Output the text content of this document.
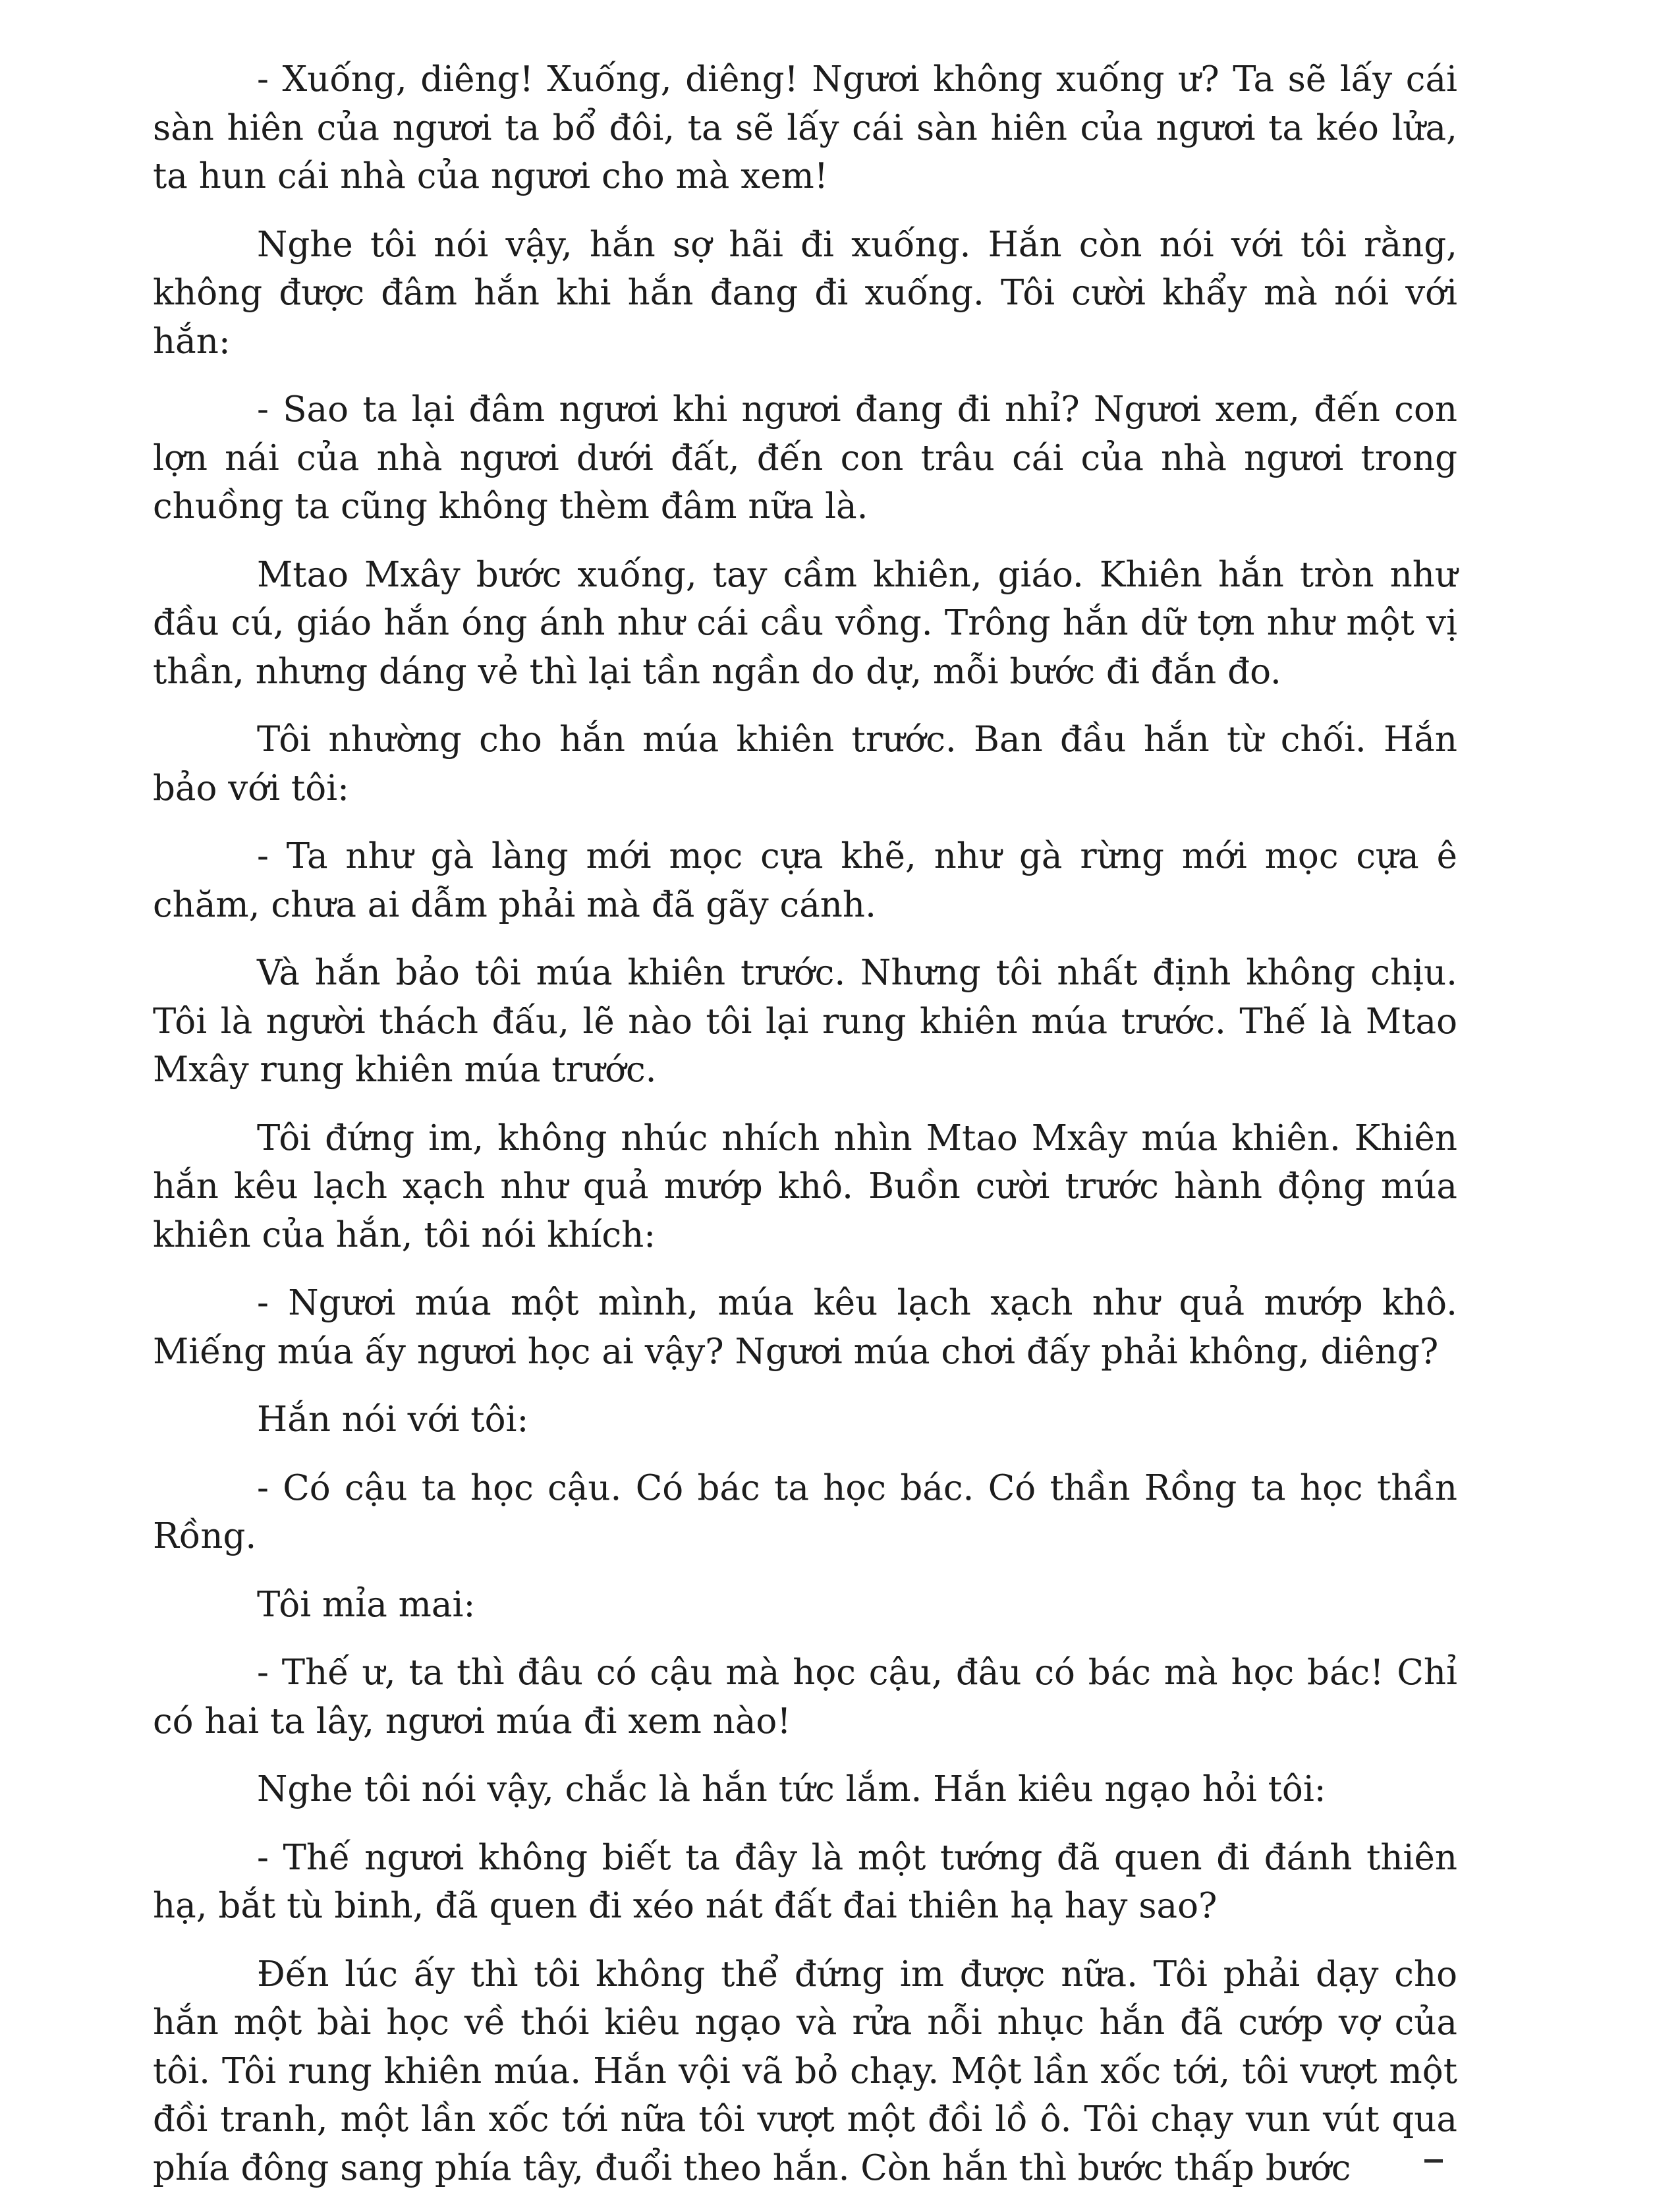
- Xuống, diêng! Xuống, diêng! Ngươi không xuống ư? Ta sẽ lấy cái sàn hiên của ngươi ta bổ đôi, ta sẽ lấy cái sàn hiên của ngươi ta kéo lửa, ta hun cái nhà của ngươi cho mà xem!

Nghe tôi nói vậy, hắn sợ hãi đi xuống. Hắn còn nói với tôi rằng, không được đâm hắn khi hắn đang đi xuống. Tôi cười khẩy mà nói với hắn:

- Sao ta lại đâm ngươi khi ngươi đang đi nhỉ? Ngươi xem, đến con lợn nái của nhà ngươi dưới đất, đến con trâu cái của nhà ngươi trong chuồng ta cũng không thèm đâm nữa là.

Mtao Mxây bước xuống, tay cầm khiên, giáo. Khiên hắn tròn như đầu cú, giáo hắn óng ánh như cái cầu vồng. Trông hắn dữ tợn như một vị thần, nhưng dáng vẻ thì lại tần ngần do dự, mỗi bước đi đắn đo.

Tôi nhường cho hắn múa khiên trước. Ban đầu hắn từ chối. Hắn bảo với tôi:

- Ta như gà làng mới mọc cựa khẽ, như gà rừng mới mọc cựa ê chăm, chưa ai dẫm phải mà đã gãy cánh.

Và hắn bảo tôi múa khiên trước. Nhưng tôi nhất định không chịu. Tôi là người thách đấu, lẽ nào tôi lại rung khiên múa trước. Thế là Mtao Mxây rung khiên múa trước.

Tôi đứng im, không nhúc nhích nhìn Mtao Mxây múa khiên. Khiên hắn kêu lạch xạch như quả mướp khô. Buồn cười trước hành động múa khiên của hắn, tôi nói khích:

- Ngươi múa một mình, múa kêu lạch xạch như quả mướp khô. Miếng múa ấy ngươi học ai vậy? Ngươi múa chơi đấy phải không, diêng?

Hắn nói với tôi:

- Có cậu ta học cậu. Có bác ta học bác. Có thần Rồng ta học thần Rồng.

Tôi mỉa mai:

- Thế ư, ta thì đâu có cậu mà học cậu, đâu có bác mà học bác! Chỉ có hai ta lây, ngươi múa đi xem nào!

Nghe tôi nói vậy, chắc là hắn tức lắm. Hắn kiêu ngạo hỏi tôi:

- Thế ngươi không biết ta đây là một tướng đã quen đi đánh thiên hạ, bắt tù binh, đã quen đi xéo nát đất đai thiên hạ hay sao?

Đến lúc ấy thì tôi không thể đứng im được nữa. Tôi phải dạy cho hắn một bài học về thói kiêu ngạo và rửa nỗi nhục hắn đã cướp vợ của tôi. Tôi rung khiên múa. Hắn vội vã bỏ chạy. Một lần xốc tới, tôi vượt một đồi tranh, một lần xốc tới nữa tôi vượt một đồi lồ ô. Tôi chạy vun vút qua phía đông sang phía tây, đuổi theo hắn. Còn hắn thì bước thấp bước
